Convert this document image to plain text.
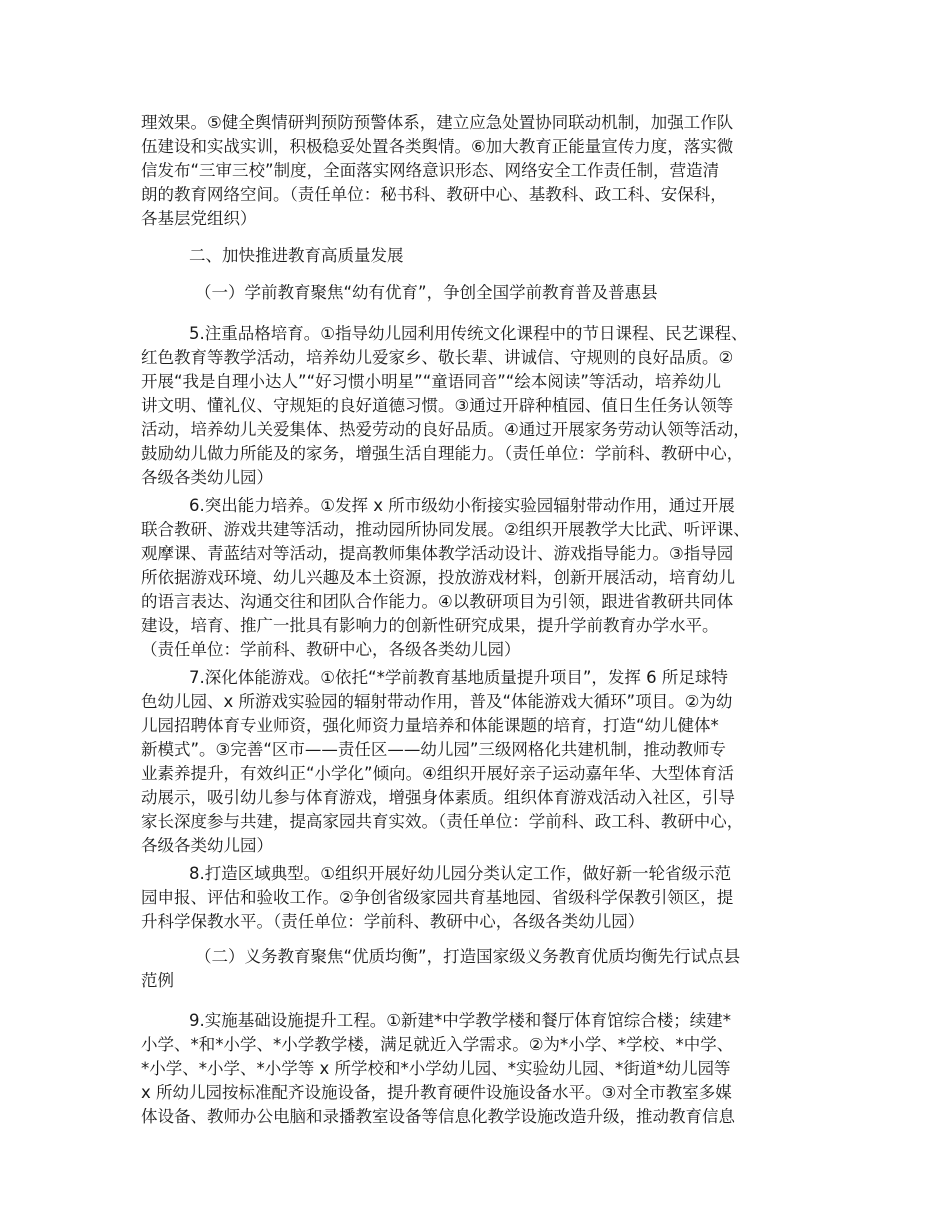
理效果。⑤健全舆情研判预防预警体系，建立应急处置协同联动机制，加强工作队
伍建设和实战实训，积极稳妥处置各类舆情。⑥加大教育正能量宣传力度，落实微
信发布“三审三校”制度，全面落实网络意识形态、网络安全工作责任制，营造清
朗的教育网络空间。（责任单位：秘书科、教研中心、基教科、政工科、安保科，
各基层党组织）
二、加快推进教育高质量发展
（一）学前教育聚焦“幼有优育”，争创全国学前教育普及普惠县
5.注重品格培育。①指导幼儿园利用传统文化课程中的节日课程、民艺课程、
红色教育等教学活动，培养幼儿爱家乡、敬长辈、讲诚信、守规则的良好品质。②
开展“我是自理小达人”“好习惯小明星”“童语同音”“绘本阅读”等活动，培养幼儿
讲文明、懂礼仪、守规矩的良好道德习惯。③通过开辟种植园、值日生任务认领等
活动，培养幼儿关爱集体、热爱劳动的良好品质。④通过开展家务劳动认领等活动，
鼓励幼儿做力所能及的家务，增强生活自理能力。（责任单位：学前科、教研中心，
各级各类幼儿园）
6.突出能力培养。①发挥 x 所市级幼小衔接实验园辐射带动作用，通过开展
联合教研、游戏共建等活动，推动园所协同发展。②组织开展教学大比武、听评课、
观摩课、青蓝结对等活动，提高教师集体教学活动设计、游戏指导能力。③指导园
所依据游戏环境、幼儿兴趣及本土资源，投放游戏材料，创新开展活动，培育幼儿
的语言表达、沟通交往和团队合作能力。④以教研项目为引领，跟进省教研共同体
建设，培育、推广一批具有影响力的创新性研究成果，提升学前教育办学水平。
（责任单位：学前科、教研中心，各级各类幼儿园）
7.深化体能游戏。①依托“*学前教育基地质量提升项目”，发挥 6 所足球特
色幼儿园、x 所游戏实验园的辐射带动作用，普及“体能游戏大循环”项目。②为幼
儿园招聘体育专业师资，强化师资力量培养和体能课题的培育，打造“幼儿健体*
新模式”。③完善“区市——责任区——幼儿园”三级网格化共建机制，推动教师专
业素养提升，有效纠正“小学化”倾向。④组织开展好亲子运动嘉年华、大型体育活
动展示，吸引幼儿参与体育游戏，增强身体素质。组织体育游戏活动入社区，引导
家长深度参与共建，提高家园共育实效。（责任单位：学前科、政工科、教研中心，
各级各类幼儿园）
8.打造区域典型。①组织开展好幼儿园分类认定工作，做好新一轮省级示范
园申报、评估和验收工作。②争创省级家园共育基地园、省级科学保教引领区，提
升科学保教水平。（责任单位：学前科、教研中心，各级各类幼儿园）
（二）义务教育聚焦“优质均衡”，打造国家级义务教育优质均衡先行试点县
范例
9.实施基础设施提升工程。①新建*中学教学楼和餐厅体育馆综合楼；续建*
小学、*和*小学、*小学教学楼，满足就近入学需求。②为*小学、*学校、*中学、
*小学、*小学、*小学等 x 所学校和*小学幼儿园、*实验幼儿园、*街道*幼儿园等
x 所幼儿园按标准配齐设施设备，提升教育硬件设施设备水平。③对全市教室多媒
体设备、教师办公电脑和录播教室设备等信息化教学设施改造升级，推动教育信息
